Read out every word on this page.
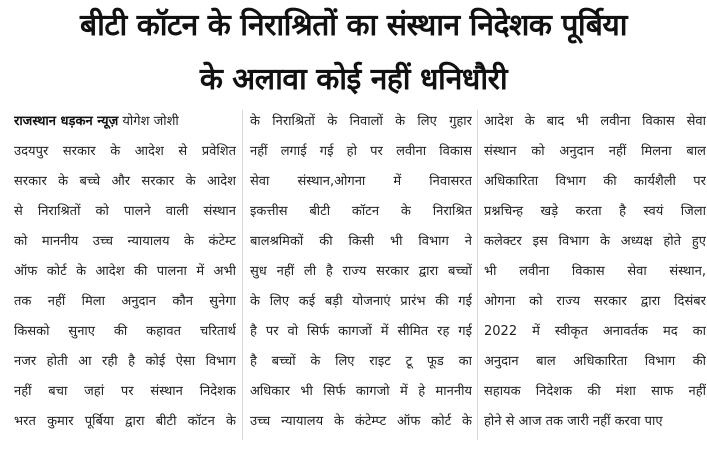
बीटी कॉटन के निराश्रितों का संस्थान निदेशक पूर्बिया
के अलावा कोई नहीं धनिधौरी
राजस्थान धड़कन न्यूज़ योगेश जोशी
उदयपुर सरकार के आदेश से प्रवेशित
सरकार के बच्चे और सरकार के आदेश
से निराश्रितों को पालने वाली संस्थान
को माननीय उच्च न्यायालय के कंटेम्ट
ऑफ कोर्ट के आदेश की पालना में अभी
तक नहीं मिला अनुदान कौन सुनेगा
किसको सुनाए की कहावत चरितार्थ
नजर होती आ रही है कोई ऐसा विभाग
नहीं बचा जहां पर संस्थान निदेशक
भरत कुमार पूर्बिया द्वारा बीटी कॉटन के
के निराश्रितों के निवालों के लिए गुहार
नहीं लगाई गई हो पर लवीना विकास
सेवा संस्थान,ओगना में निवासरत
इकत्तीस बीटी कॉटन के निराश्रित
बालश्रमिकों की किसी भी विभाग ने
सुध नहीं ली है राज्य सरकार द्वारा बच्चों
के लिए कई बड़ी योजनाएं प्रारंभ की गई
है पर वो सिर्फ कागजों में सीमित रह गई
है बच्चों के लिए राइट टू फूड का
अधिकार भी सिर्फ कागजो में हे माननीय
उच्च न्यायालय के कंटेम्प्ट ऑफ कोर्ट के
आदेश के बाद भी लवीना विकास सेवा
संस्थान को अनुदान नहीं मिलना बाल
अधिकारिता विभाग की कार्यशैली पर
प्रश्नचिन्ह खड़े करता है स्वयं जिला
कलेक्टर इस विभाग के अध्यक्ष होते हुए
भी लवीना विकास सेवा संस्थान,
ओगना को राज्य सरकार द्वारा दिसंबर
2022 में स्वीकृत अनावर्तक मद का
अनुदान बाल अधिकारिता विभाग की
सहायक निदेशक की मंशा साफ नहीं
होने से आज तक जारी नहीं करवा पाए
